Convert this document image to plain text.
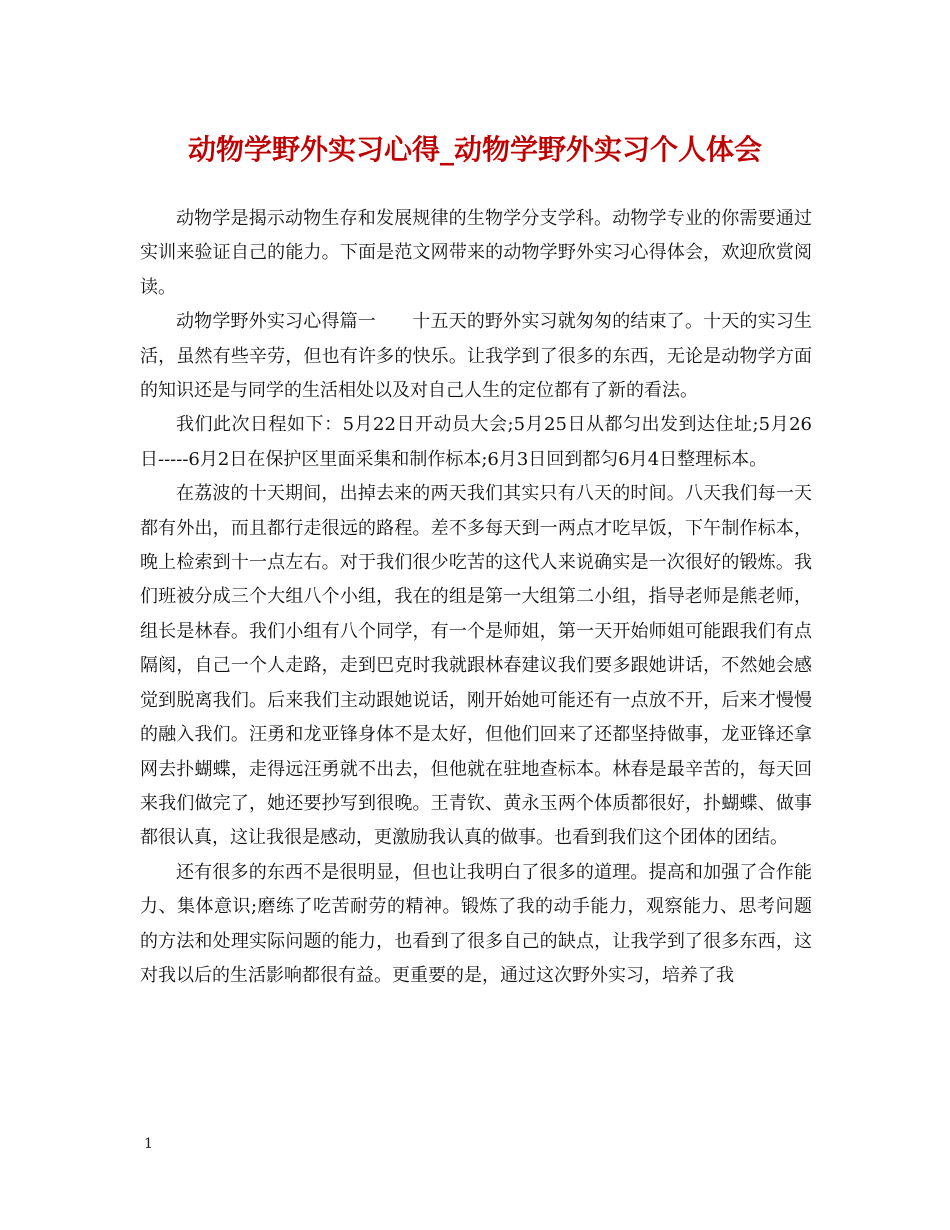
动物学野外实习心得_动物学野外实习个人体会

动物学是揭示动物生存和发展规律的生物学分支学科。动物学专业的你需要通过实训来验证自己的能力。下面是范文网带来的动物学野外实习心得体会，欢迎欣赏阅读。

动物学野外实习心得篇一　　十五天的野外实习就匆匆的结束了。十天的实习生活，虽然有些辛劳，但也有许多的快乐。让我学到了很多的东西，无论是动物学方面的知识还是与同学的生活相处以及对自己人生的定位都有了新的看法。

我们此次日程如下：5月22日开动员大会;5月25日从都匀出发到达住址;5月26日-----6月2日在保护区里面采集和制作标本;6月3日回到都匀6月4日整理标本。

在荔波的十天期间，出掉去来的两天我们其实只有八天的时间。八天我们每一天都有外出，而且都行走很远的路程。差不多每天到一两点才吃早饭，下午制作标本，晚上检索到十一点左右。对于我们很少吃苦的这代人来说确实是一次很好的锻炼。我们班被分成三个大组八个小组，我在的组是第一大组第二小组，指导老师是熊老师，组长是林春。我们小组有八个同学，有一个是师姐，第一天开始师姐可能跟我们有点隔阂，自己一个人走路，走到巴克时我就跟林春建议我们要多跟她讲话，不然她会感觉到脱离我们。后来我们主动跟她说话，刚开始她可能还有一点放不开，后来才慢慢的融入我们。汪勇和龙亚锋身体不是太好，但他们回来了还都坚持做事，龙亚锋还拿网去扑蝴蝶，走得远汪勇就不出去，但他就在驻地查标本。林春是最辛苦的，每天回来我们做完了，她还要抄写到很晚。王青钦、黄永玉两个体质都很好，扑蝴蝶、做事都很认真，这让我很是感动，更激励我认真的做事。也看到我们这个团体的团结。

还有很多的东西不是很明显，但也让我明白了很多的道理。提高和加强了合作能力、集体意识;磨练了吃苦耐劳的精神。锻炼了我的动手能力，观察能力、思考问题的方法和处理实际问题的能力，也看到了很多自己的缺点，让我学到了很多东西，这对我以后的生活影响都很有益。更重要的是，通过这次野外实习，培养了我

1
